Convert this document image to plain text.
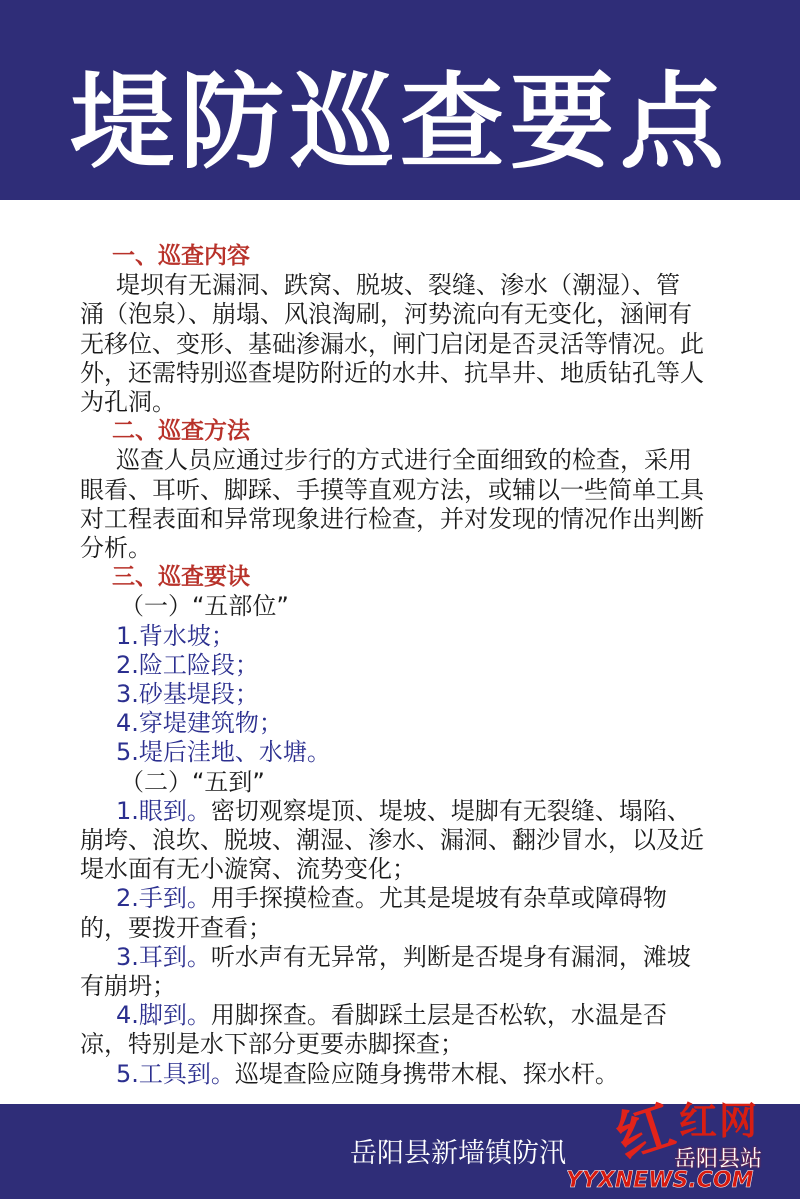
堤防巡查要点
一、巡查内容
堤坝有无漏洞、跌窝、脱坡、裂缝、渗水（潮湿）、管
涌（泡泉）、崩塌、风浪淘刷，河势流向有无变化，涵闸有
无移位、变形、基础渗漏水，闸门启闭是否灵活等情况。此
外，还需特别巡查堤防附近的水井、抗旱井、地质钻孔等人
为孔洞。
二、巡查方法
巡查人员应通过步行的方式进行全面细致的检查，采用
眼看、耳听、脚踩、手摸等直观方法，或辅以一些简单工具
对工程表面和异常现象进行检查，并对发现的情况作出判断
分析。
三、巡查要诀
（一）“五部位”
1.背水坡；
2.险工险段；
3.砂基堤段；
4.穿堤建筑物；
5.堤后洼地、水塘。
（二）“五到”
1.眼到。密切观察堤顶、堤坡、堤脚有无裂缝、塌陷、
崩垮、浪坎、脱坡、潮湿、渗水、漏洞、翻沙冒水，以及近
堤水面有无小漩窝、流势变化；
2.手到。用手探摸检查。尤其是堤坡有杂草或障碍物
的，要拨开查看；
3.耳到。听水声有无异常，判断是否堤身有漏洞，滩坡
有崩坍；
4.脚到。用脚探查。看脚踩土层是否松软，水温是否
凉，特别是水下部分更要赤脚探查；
5.工具到。巡堤查险应随身携带木棍、探水杆。
岳阳县新墙镇防汛 红
红网
岳阳县站
YYXNEWS.COM
